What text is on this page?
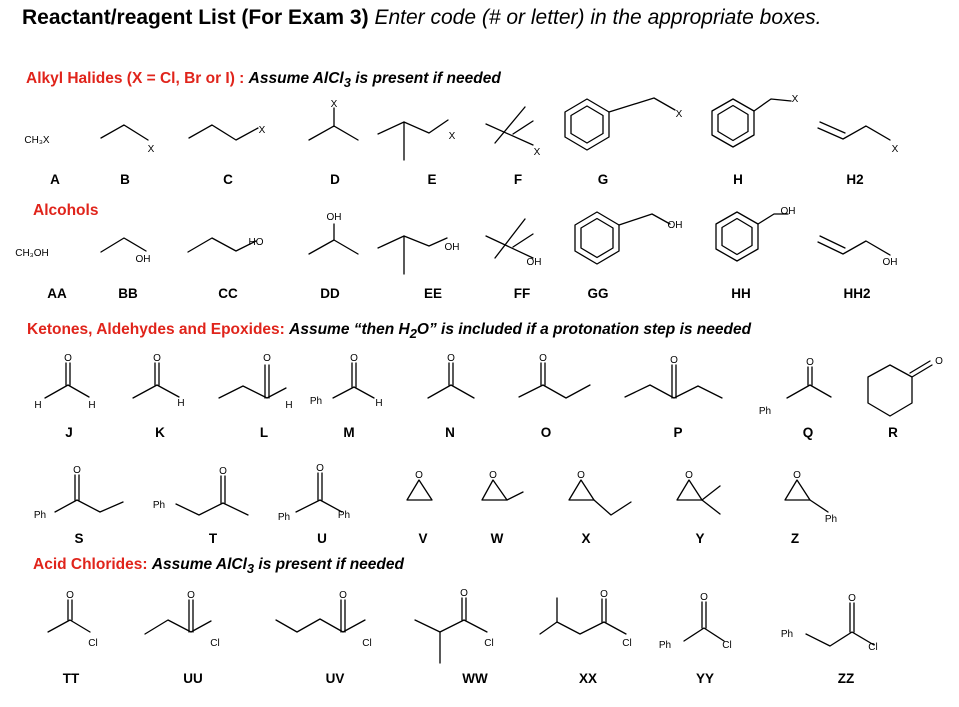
Reactant/reagent List (For Exam 3) Enter code (# or letter) in the appropriate boxes.
Alkyl Halides (X = Cl, Br or I) : Assume AlCl$_3$ is present if needed
Alcohols
Ketones, Aldehydes and Epoxides: Assume “then $H_2O$” is included if a protonation step is needed
Acid Chlorides: Assume AlCl$_3$ is present if needed
A	B	C	D	E	F	G	H	H2
AA	BB	CC	DD	EE	FF	GG	HH	HH2
J	K	L	M	N	O	P	Q	R
S	T	U	V	W	X	Y	Z
TT	UU	UV	WW	XX	YY	ZZ
CH₃X
X
X
X
X
X
X
X
X
CH₃OH
OH
HO
OH
OH
OH
OH
OH
OH
O
H	H
O
H
O
H
O
Ph	H
O	O	O	O
Ph
O
O
Ph
O
Ph
O
Ph	Ph
O	O	O	O	O
Ph
O
Cl
O
Cl
O
Cl
O
Cl
O
Cl
O
Ph	Cl
O
Ph
Cl
